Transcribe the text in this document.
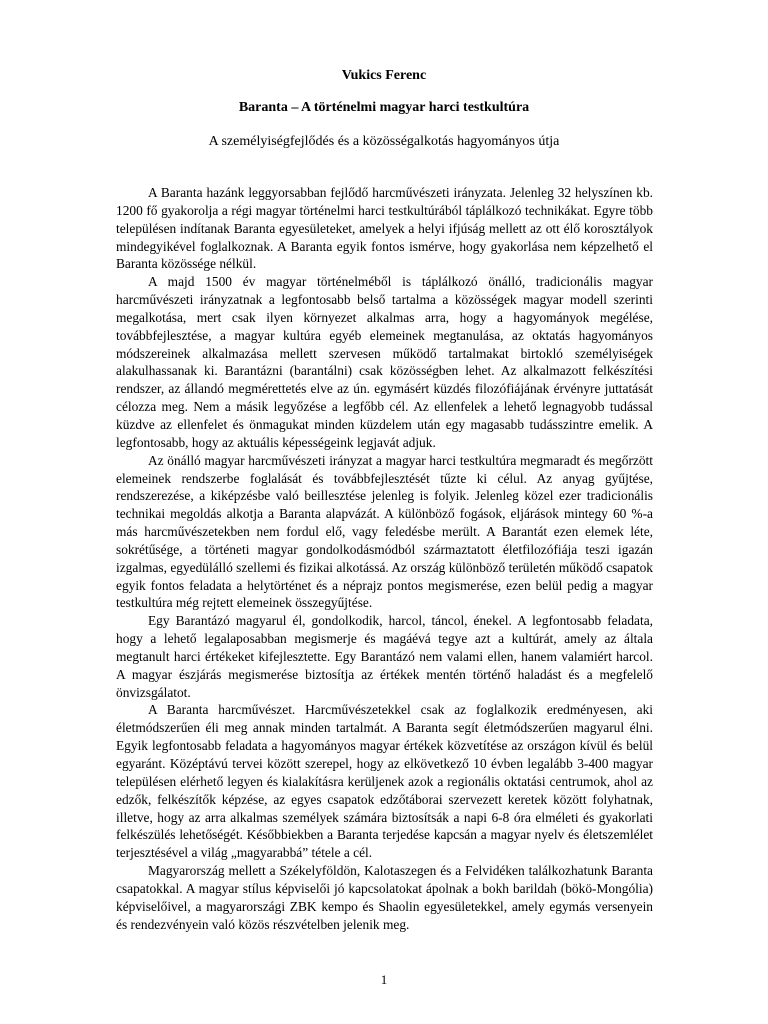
Vukics Ferenc
Baranta – A történelmi magyar harci testkultúra
A személyiségfejlődés és a közösségalkotás hagyományos útja

A Baranta hazánk leggyorsabban fejlődő harcművészeti irányzata. Jelenleg 32 helyszínen kb. 1200 fő gyakorolja a régi magyar történelmi harci testkultúrából táplálkozó technikákat. Egyre több településen indítanak Baranta egyesületeket, amelyek a helyi ifjúság mellett az ott élő korosztályok mindegyikével foglalkoznak. A Baranta egyik fontos ismérve, hogy gyakorlása nem képzelhető el Baranta közössége nélkül.

A majd 1500 év magyar történelméből is táplálkozó önálló, tradicionális magyar harcművészeti irányzatnak a legfontosabb belső tartalma a közösségek magyar modell szerinti megalkotása, mert csak ilyen környezet alkalmas arra, hogy a hagyományok megélése, továbbfejlesztése, a magyar kultúra egyéb elemeinek megtanulása, az oktatás hagyományos módszereinek alkalmazása mellett szervesen működő tartalmakat birtokló személyiségek alakulhassanak ki. Barantázni (barantálni) csak közösségben lehet. Az alkalmazott felkészítési rendszer, az állandó megmérettetés elve az ún. egymásért küzdés filozófiájának érvényre juttatását célozza meg. Nem a másik legyőzése a legfőbb cél. Az ellenfelek a lehető legnagyobb tudással küzdve az ellenfelet és önmagukat minden küzdelem után egy magasabb tudásszintre emelik. A legfontosabb, hogy az aktuális képességeink legjavát adjuk.

Az önálló magyar harcművészeti irányzat a magyar harci testkultúra megmaradt és megőrzött elemeinek rendszerbe foglalását és továbbfejlesztését tűzte ki célul. Az anyag gyűjtése, rendszerezése, a kiképzésbe való beillesztése jelenleg is folyik. Jelenleg közel ezer tradicionális technikai megoldás alkotja a Baranta alapvázát. A különböző fogások, eljárások mintegy 60 %-a más harcművészetekben nem fordul elő, vagy feledésbe merült. A Barantát ezen elemek léte, sokrétűsége, a történeti magyar gondolkodásmódból származtatott életfilozófiája teszi igazán izgalmas, egyedülálló szellemi és fizikai alkotássá. Az ország különböző területén működő csapatok egyik fontos feladata a helytörténet és a néprajz pontos megismerése, ezen belül pedig a magyar testkultúra még rejtett elemeinek összegyűjtése.

Egy Barantázó magyarul él, gondolkodik, harcol, táncol, énekel. A legfontosabb feladata, hogy a lehető legalaposabban megismerje és magáévá tegye azt a kultúrát, amely az általa megtanult harci értékeket kifejlesztette. Egy Barantázó nem valami ellen, hanem valamiért harcol. A magyar észjárás megismerése biztosítja az értékek mentén történő haladást és a megfelelő önvizsgálatot.

A Baranta harcművészet. Harcművészetekkel csak az foglalkozik eredményesen, aki életmódszerűen éli meg annak minden tartalmát. A Baranta segít életmódszerűen magyarul élni. Egyik legfontosabb feladata a hagyományos magyar értékek közvetítése az országon kívül és belül egyaránt. Középtávú tervei között szerepel, hogy az elkövetkező 10 évben legalább 3-400 magyar településen elérhető legyen és kialakításra kerüljenek azok a regionális oktatási centrumok, ahol az edzők, felkészítők képzése, az egyes csapatok edzőtáborai szervezett keretek között folyhatnak, illetve, hogy az arra alkalmas személyek számára biztosítsák a napi 6-8 óra elméleti és gyakorlati felkészülés lehetőségét. Későbbiekben a Baranta terjedése kapcsán a magyar nyelv és életszemlélet terjesztésével a világ „magyarabbá” tétele a cél.

Magyarország mellett a Székelyföldön, Kalotaszegen és a Felvidéken találkozhatunk Baranta csapatokkal. A magyar stílus képviselői jó kapcsolatokat ápolnak a bokh barildah (bökö-Mongólia) képviselőivel, a magyarországi ZBK kempo és Shaolin egyesületekkel, amely egymás versenyein és rendezvényein való közös részvételben jelenik meg.

1
